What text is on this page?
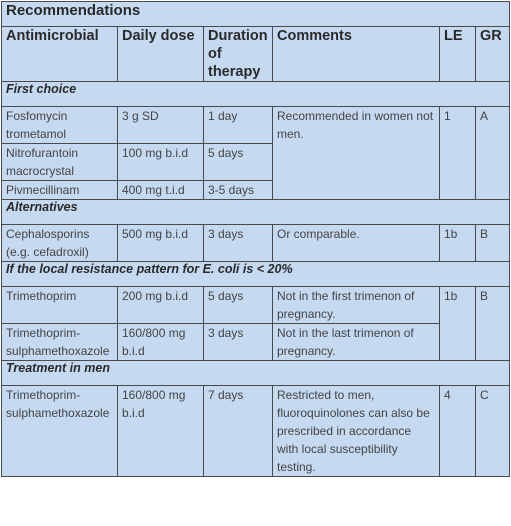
Recommendations					
Antimicrobial	Daily dose	Duration of therapy	Comments	LE	GR
First choice					
Fosfomycin trometamol	3 g SD	1 day	Recommended in women not men.	1	A
Nitrofurantoin macrocrystal	100 mg b.i.d	5 days			
Pivmecillinam	400 mg t.i.d	3-5 days			
Alternatives					
Cephalosporins (e.g. cefadroxil)	500 mg b.i.d	3 days	Or comparable.	1b	B
If the local resistance pattern for E. coli is < 20%					
Trimethoprim	200 mg b.i.d	5 days	Not in the first trimenon of pregnancy.	1b	B
Trimethoprim-sulphamethoxazole	160/800 mg b.i.d	3 days	Not in the last trimenon of pregnancy.		
Treatment in men					
Trimethoprim-sulphamethoxazole	160/800 mg b.i.d	7 days	Restricted to men, fluoroquinolones can also be prescribed in accordance with local susceptibility testing.	4	C
